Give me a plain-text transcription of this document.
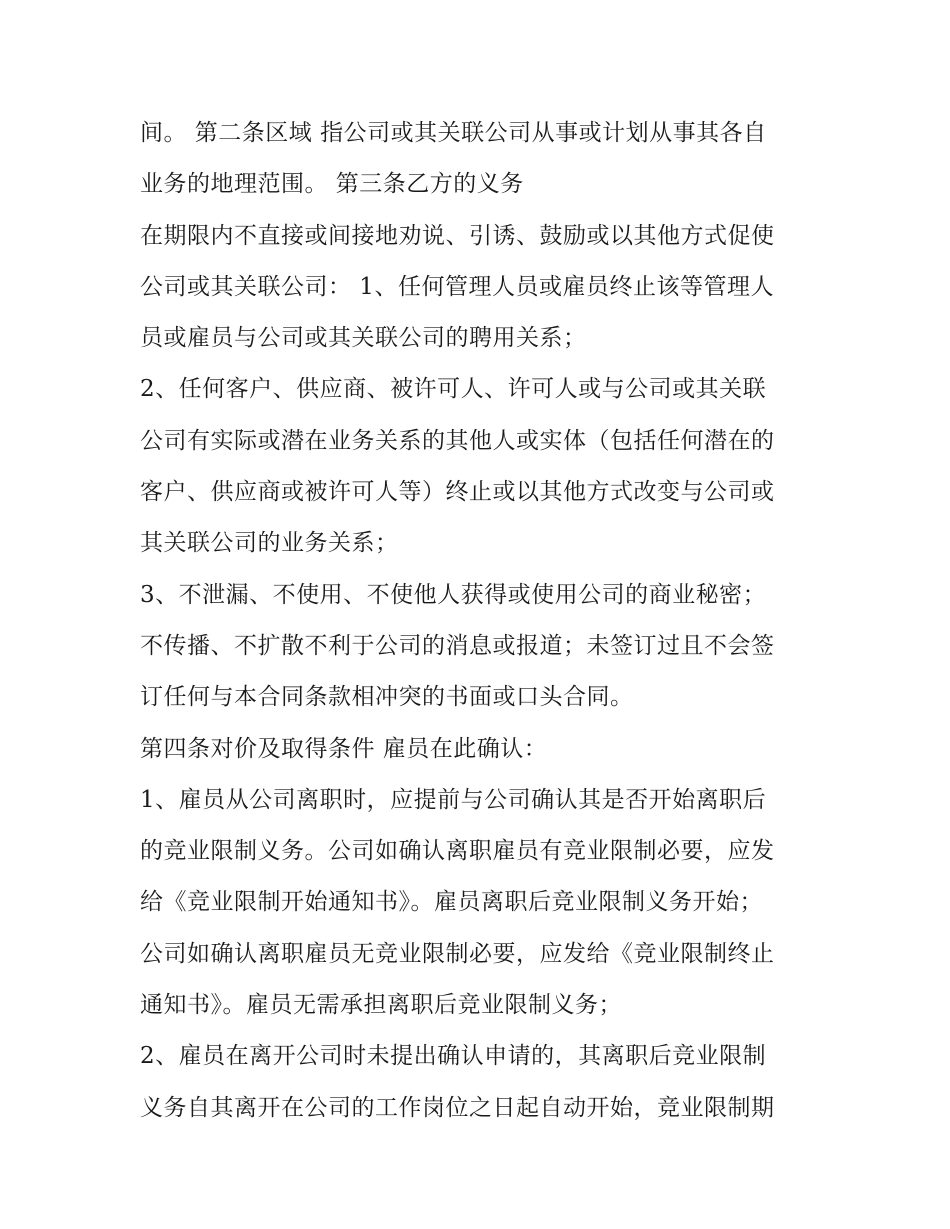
间。 第二条区域 指公司或其关联公司从事或计划从事其各自
业务的地理范围。 第三条乙方的义务
在期限内不直接或间接地劝说、引诱、鼓励或以其他方式促使
公司或其关联公司： 1、任何管理人员或雇员终止该等管理人
员或雇员与公司或其关联公司的聘用关系；
2、任何客户、供应商、被许可人、许可人或与公司或其关联
公司有实际或潜在业务关系的其他人或实体（包括任何潜在的
客户、供应商或被许可人等）终止或以其他方式改变与公司或
其关联公司的业务关系；
3、不泄漏、不使用、不使他人获得或使用公司的商业秘密；
不传播、不扩散不利于公司的消息或报道；未签订过且不会签
订任何与本合同条款相冲突的书面或口头合同。
第四条对价及取得条件 雇员在此确认：
1、雇员从公司离职时，应提前与公司确认其是否开始离职后
的竞业限制义务。公司如确认离职雇员有竞业限制必要，应发
给《竞业限制开始通知书》。雇员离职后竞业限制义务开始；
公司如确认离职雇员无竞业限制必要，应发给《竞业限制终止
通知书》。雇员无需承担离职后竞业限制义务；
2、雇员在离开公司时未提出确认申请的，其离职后竞业限制
义务自其离开在公司的工作岗位之日起自动开始，竞业限制期
